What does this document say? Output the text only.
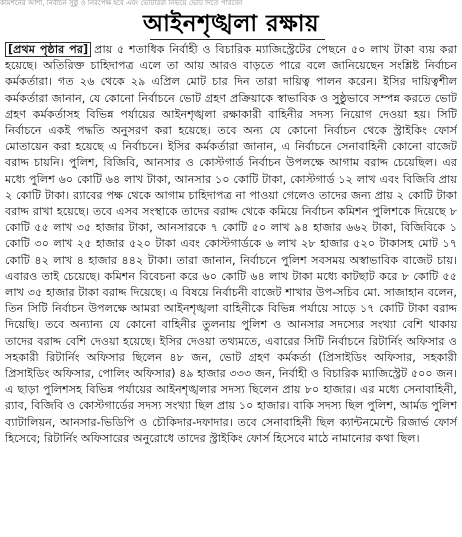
কমিশনের আশা, নির্বাচন সুষ্ঠু ও নিরপেক্ষ হবে এবং ভোটাররা নির্ভয়ে ভোট দিতে পারবেন
আইনশৃঙ্খলা রক্ষায়
[প্রথম পৃষ্ঠার পর] প্রায় ৫ শতাধিক নির্বাহী ও বিচারিক ম্যাজিস্ট্রেটের পেছনে ৫০ লাখ টাকা ব্যয় করা হয়েছে। অতিরিক্ত চাহিদাপত্র এলে তা আয় আরও বাড়তে পারে বলে জানিয়েছেন সংশ্লিষ্ট নির্বাচন কর্মকর্তারা। গত ২৬ থেকে ২৯ এপ্রিল মোট চার দিন তারা দায়িত্ব পালন করেন। ইসির দায়িত্বশীল কর্মকর্তারা জানান, যে কোনো নির্বাচনে ভোট গ্রহণ প্রক্রিয়াকে স্বাভাবিক ও সুষ্ঠুভাবে সম্পন্ন করতে ভোট গ্রহণ কর্মকর্তাসহ বিভিন্ন পর্যায়ের আইনশৃঙ্খলা রক্ষাকারী বাহিনীর সদস্য নিয়োগ দেওয়া হয়। সিটি নির্বাচনে একই পদ্ধতি অনুসরণ করা হয়েছে। তবে অন্য যে কোনো নির্বাচন থেকে স্ট্রাইকিং ফোর্স মোতায়েন করা হয়েছে এ নির্বাচনে। ইসির কর্মকর্তারা জানান, এ নির্বাচনে সেনাবাহিনী কোনো বাজেট বরাদ্দ চায়নি। পুলিশ, বিজিবি, আনসার ও কোস্টগার্ড নির্বাচন উপলক্ষে আগাম বরাদ্দ চেয়েছিল। এর মধ্যে পুলিশ ৬০ কোটি ৬৪ লাখ টাকা, আনসার ১০ কোটি টাকা, কোস্টগার্ড ১২ লাখ এবং বিজিবি প্রায় ২ কোটি টাকা। র‍্যাবের পক্ষ থেকে আগাম চাহিদাপত্র না পাওয়া গেলেও তাদের জন্য প্রায় ২ কোটি টাকা বরাদ্দ রাখা হয়েছে। তবে এসব সংস্থাকে তাদের বরাদ্দ থেকে কমিয়ে নির্বাচন কমিশন পুলিশকে দিয়েছে ৮ কোটি ৫৫ লাখ ৩৫ হাজার টাকা, আনসারকে ৭ কোটি ৫০ লাখ ৯৪ হাজার ৬৬২ টাকা, বিজিবিকে ১ কোটি ৩০ লাখ ২৫ হাজার ৫২০ টাকা এবং কোস্টগার্ডকে ৬ লাখ ২৮ হাজার ৫২০ টাকাসহ মোট ১৭ কোটি ৪২ লাখ ৪ হাজার ৪৪২ টাকা। তারা জানান, নির্বাচনে পুলিশ সবসময় অস্বাভাবিক বাজেট চায়। এবারও তাই চেয়েছে। কমিশন বিবেচনা করে ৬০ কোটি ৬৪ লাখ টাকা মধ্যে কাটছাট করে ৮ কোটি ৫৫ লাখ ৩৫ হাজার টাকা বরাদ্দ দিয়েছে। এ বিষয়ে নির্বাচনী বাজেট শাখার উপ-সচিব মো. সাজাহান বলেন, তিন সিটি নির্বাচন উপলক্ষে আমরা আইনশৃঙ্খলা বাহিনীকে বিভিন্ন পর্যায়ে সাড়ে ১৭ কোটি টাকা বরাদ্দ দিয়েছি। তবে অন্যান্য যে কোনো বাহিনীর তুলনায় পুলিশ ও আনসার সদস্যের সংখ্যা বেশি থাকায় তাদের বরাদ্দ বেশি দেওয়া হয়েছে। ইসির দেওয়া তথ্যমতে, এবারের সিটি নির্বাচনে রিটার্নিং অফিসার ও সহকারী রিটার্নিং অফিসার ছিলেন ৪৮ জন, ভোট গ্রহণ কর্মকর্তা (প্রিসাইডিং অফিসার, সহকারী প্রিসাইডিং অফিসার, পোলিং অফিসার) ৪৯ হাজার ৩৩৩ জন, নির্বাহী ও বিচারিক ম্যাজিস্ট্রেট ৫০০ জন। এ ছাড়া পুলিশসহ বিভিন্ন পর্যায়ের আইনশৃঙ্খলার সদস্য ছিলেন প্রায় ৮০ হাজার। এর মধ্যে সেনাবাহিনী, র‍্যাব, বিজিবি ও কোস্টগার্ডের সদস্য সংখ্যা ছিল প্রায় ১০ হাজার। বাকি সদস্য ছিল পুলিশ, আর্মড পুলিশ ব্যাটালিয়ন, আনসার-ভিডিপি ও চৌকিদার-দফাদার। তবে সেনাবাহিনী ছিল ক্যান্টনমেন্টে রিজার্ভ ফোর্স হিসেবে; রিটার্নিং অফিসারের অনুরোধে তাদের স্ট্রাইকিং ফোর্স হিসেবে মাঠে নামানোর কথা ছিল।
